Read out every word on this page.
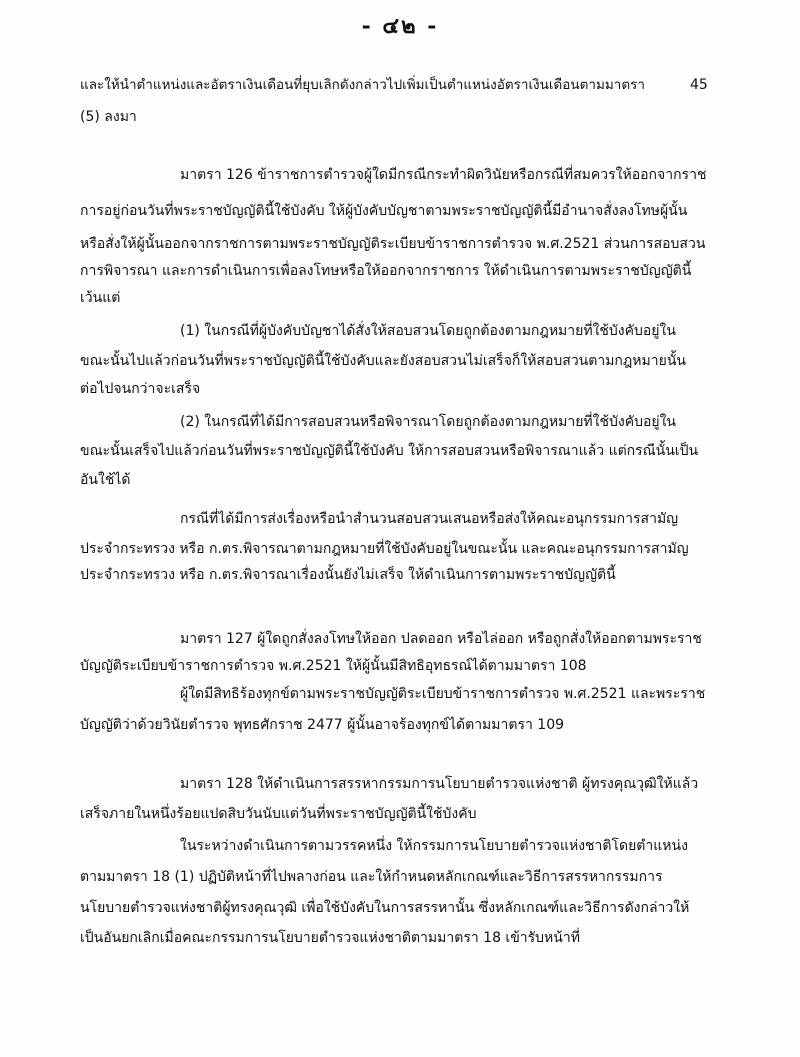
- ๔๒ -
และให้นำตำแหน่งและอัตราเงินเดือนที่ยุบเลิกดังกล่าวไปเพิ่มเป็นตำแหน่งอัตราเงินเดือนตามมาตรา	45
(5) ลงมา
มาตรา 126 ข้าราชการตำรวจผู้ใดมีกรณีกระทำผิดวินัยหรือกรณีที่สมควรให้ออกจากราช
การอยู่ก่อนวันที่พระราชบัญญัตินี้ใช้บังคับ ให้ผู้บังคับบัญชาตามพระราชบัญญัตินี้มีอำนาจสั่งลงโทษผู้นั้น
หรือสั่งให้ผู้นั้นออกจากราชการตามพระราชบัญญัติระเบียบข้าราชการตำรวจ พ.ศ.2521 ส่วนการสอบสวน
การพิจารณา และการดำเนินการเพื่อลงโทษหรือให้ออกจากราชการ ให้ดำเนินการตามพระราชบัญญัตินี้
เว้นแต่
(1) ในกรณีที่ผู้บังคับบัญชาได้สั่งให้สอบสวนโดยถูกต้องตามกฎหมายที่ใช้บังคับอยู่ใน
ขณะนั้นไปแล้วก่อนวันที่พระราชบัญญัตินี้ใช้บังคับและยังสอบสวนไม่เสร็จก็ให้สอบสวนตามกฎหมายนั้น
ต่อไปจนกว่าจะเสร็จ
(2) ในกรณีที่ได้มีการสอบสวนหรือพิจารณาโดยถูกต้องตามกฎหมายที่ใช้บังคับอยู่ใน
ขณะนั้นเสร็จไปแล้วก่อนวันที่พระราชบัญญัตินี้ใช้บังคับ ให้การสอบสวนหรือพิจารณาแล้ว แต่กรณีนั้นเป็น
อันใช้ได้
กรณีที่ได้มีการส่งเรื่องหรือนำสำนวนสอบสวนเสนอหรือส่งให้คณะอนุกรรมการสามัญ
ประจำกระทรวง หรือ ก.ตร.พิจารณาตามกฎหมายที่ใช้บังคับอยู่ในขณะนั้น และคณะอนุกรรมการสามัญ
ประจำกระทรวง หรือ ก.ตร.พิจารณาเรื่องนั้นยังไม่เสร็จ ให้ดำเนินการตามพระราชบัญญัตินี้
มาตรา 127 ผู้ใดถูกสั่งลงโทษให้ออก ปลดออก หรือไล่ออก หรือถูกสั่งให้ออกตามพระราช
บัญญัติระเบียบข้าราชการตำรวจ พ.ศ.2521 ให้ผู้นั้นมีสิทธิอุทธรณ์ได้ตามมาตรา 108
ผู้ใดมีสิทธิร้องทุกข์ตามพระราชบัญญัติระเบียบข้าราชการตำรวจ พ.ศ.2521 และพระราช
บัญญัติว่าด้วยวินัยตำรวจ พุทธศักราช 2477 ผู้นั้นอาจร้องทุกข์ได้ตามมาตรา 109
มาตรา 128 ให้ดำเนินการสรรหากรรมการนโยบายตำรวจแห่งชาติ ผู้ทรงคุณวุฒิให้แล้ว
เสร็จภายในหนึ่งร้อยแปดสิบวันนับแต่วันที่พระราชบัญญัตินี้ใช้บังคับ
ในระหว่างดำเนินการตามวรรคหนึ่ง ให้กรรมการนโยบายตำรวจแห่งชาติโดยตำแหน่ง
ตามมาตรา 18 (1) ปฏิบัติหน้าที่ไปพลางก่อน และให้กำหนดหลักเกณฑ์และวิธีการสรรหากรรมการ
นโยบายตำรวจแห่งชาติผู้ทรงคุณวุฒิ เพื่อใช้บังคับในการสรรหานั้น ซึ่งหลักเกณฑ์และวิธีการดังกล่าวให้
เป็นอันยกเลิกเมื่อคณะกรรมการนโยบายตำรวจแห่งชาติตามมาตรา 18 เข้ารับหน้าที่
